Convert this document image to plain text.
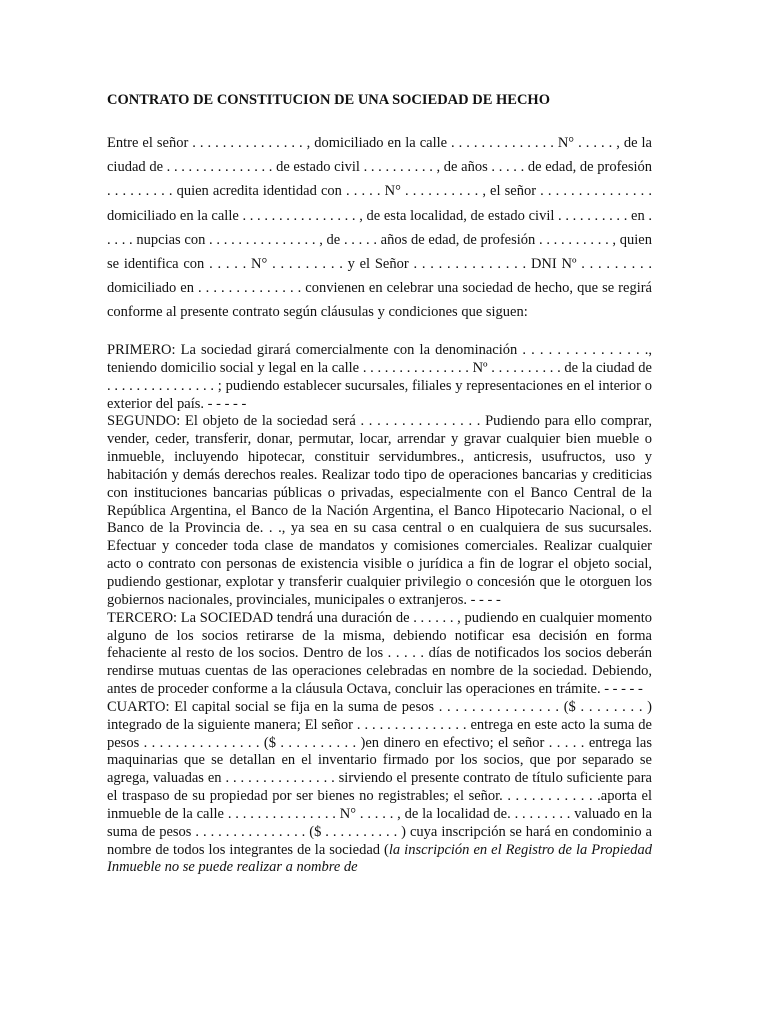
CONTRATO DE CONSTITUCION DE UNA SOCIEDAD DE HECHO

Entre el señor . . . . . . . . . . . . . . . , domiciliado en la calle . . . . . . . . . . . . . . N° . . . . . , de la ciudad de . . . . . . . . . . . . . . . de estado civil . . . . . . . . . . , de años . . . . . de edad, de profesión . . . . . . . . . quien acredita identidad con . . . . . N° . . . . . . . . . . , el señor . . . . . . . . . . . . . . . domiciliado en la calle . . . . . . . . . . . . . . . . , de esta localidad, de estado civil . . . . . . . . . . en . . . . . nupcias con . . . . . . . . . . . . . . . , de . . . . . años de edad, de profesión . . . . . . . . . . , quien se identifica con . . . . . N° . . . . . . . . . y el Señor . . . . . . . . . . . . . . DNI Nº . . . . . . . . . domiciliado en . . . . . . . . . . . . . . convienen en celebrar una sociedad de hecho, que se regirá conforme al presente contrato según cláusulas y condiciones que siguen:

PRIMERO: La sociedad girará comercialmente con la denominación . . . . . . . . . . . . . . ., teniendo domicilio social y legal en la calle . . . . . . . . . . . . . . . Nº . . . . . . . . . . de la ciudad de . . . . . . . . . . . . . . . ; pudiendo establecer sucursales, filiales y representaciones en el interior o exterior del país. - - - - -

SEGUNDO: El objeto de la sociedad será . . . . . . . . . . . . . . . Pudiendo para ello comprar, vender, ceder, transferir, donar, permutar, locar, arrendar y gravar cualquier bien mueble o inmueble, incluyendo hipotecar, constituir servidumbres., anticresis, usufructos, uso y habitación y demás derechos reales. Realizar todo tipo de operaciones bancarias y crediticias con instituciones bancarias públicas o privadas, especialmente con el Banco Central de la República Argentina, el Banco de la Nación Argentina, el Banco Hipotecario Nacional, o el Banco de la Provincia de. . ., ya sea en su casa central o en cualquiera de sus sucursales. Efectuar y conceder toda clase de mandatos y comisiones comerciales. Realizar cualquier acto o contrato con personas de existencia visible o jurídica a fin de lograr el objeto social, pudiendo gestionar, explotar y transferir cualquier privilegio o concesión que le otorguen los gobiernos nacionales, provinciales, municipales o extranjeros. - - - -

TERCERO: La SOCIEDAD tendrá una duración de . . . . . . , pudiendo en cualquier momento alguno de los socios retirarse de la misma, debiendo notificar esa decisión en forma fehaciente al resto de los socios. Dentro de los . . . . . días de notificados los socios deberán rendirse mutuas cuentas de las operaciones celebradas en nombre de la sociedad. Debiendo, antes de proceder conforme a la cláusula Octava, concluir las operaciones en trámite. - - - - -

CUARTO: El capital social se fija en la suma de pesos . . . . . . . . . . . . . . . ($ . . . . . . . . ) integrado de la siguiente manera; El señor . . . . . . . . . . . . . . . entrega en este acto la suma de pesos . . . . . . . . . . . . . . . ($ . . . . . . . . . . )en dinero en efectivo; el señor . . . . . entrega las maquinarias que se detallan en el inventario firmado por los socios, que por separado se agrega, valuadas en . . . . . . . . . . . . . . . sirviendo el presente contrato de título suficiente para el traspaso de su propiedad por ser bienes no registrables; el señor. . . . . . . . . . . . .aporta el inmueble de la calle . . . . . . . . . . . . . . . N° . . . . . , de la localidad de. . . . . . . . . valuado en la suma de pesos . . . . . . . . . . . . . . . ($ . . . . . . . . . . ) cuya inscripción se hará en condominio a nombre de todos los integrantes de la sociedad (la inscripción en el Registro de la Propiedad Inmueble no se puede realizar a nombre de
